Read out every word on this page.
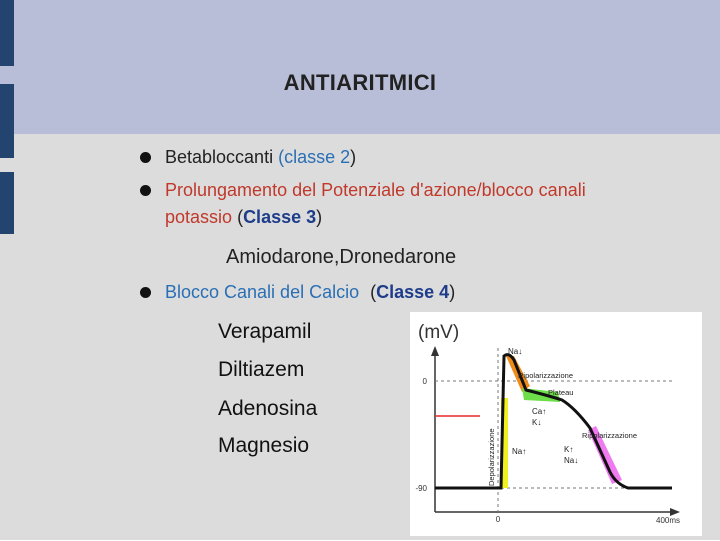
ANTIARITMICI
Betabloccanti (classe 2)
Prolungamento del Potenziale d'azione/blocco canali
potassio (Classe 3)
Amiodarone,Dronedarone
Blocco Canali del Calcio (Classe 4)
Verapamil
Diltiazem
Adenosina
Magnesio
(mV)
0
-90
0	400ms
Depolarizzazione Na↑
Na↓
Ripolarizzazione
Plateau
Ca↑
K↓
Ripolarizzazione
K↑
Na↓
